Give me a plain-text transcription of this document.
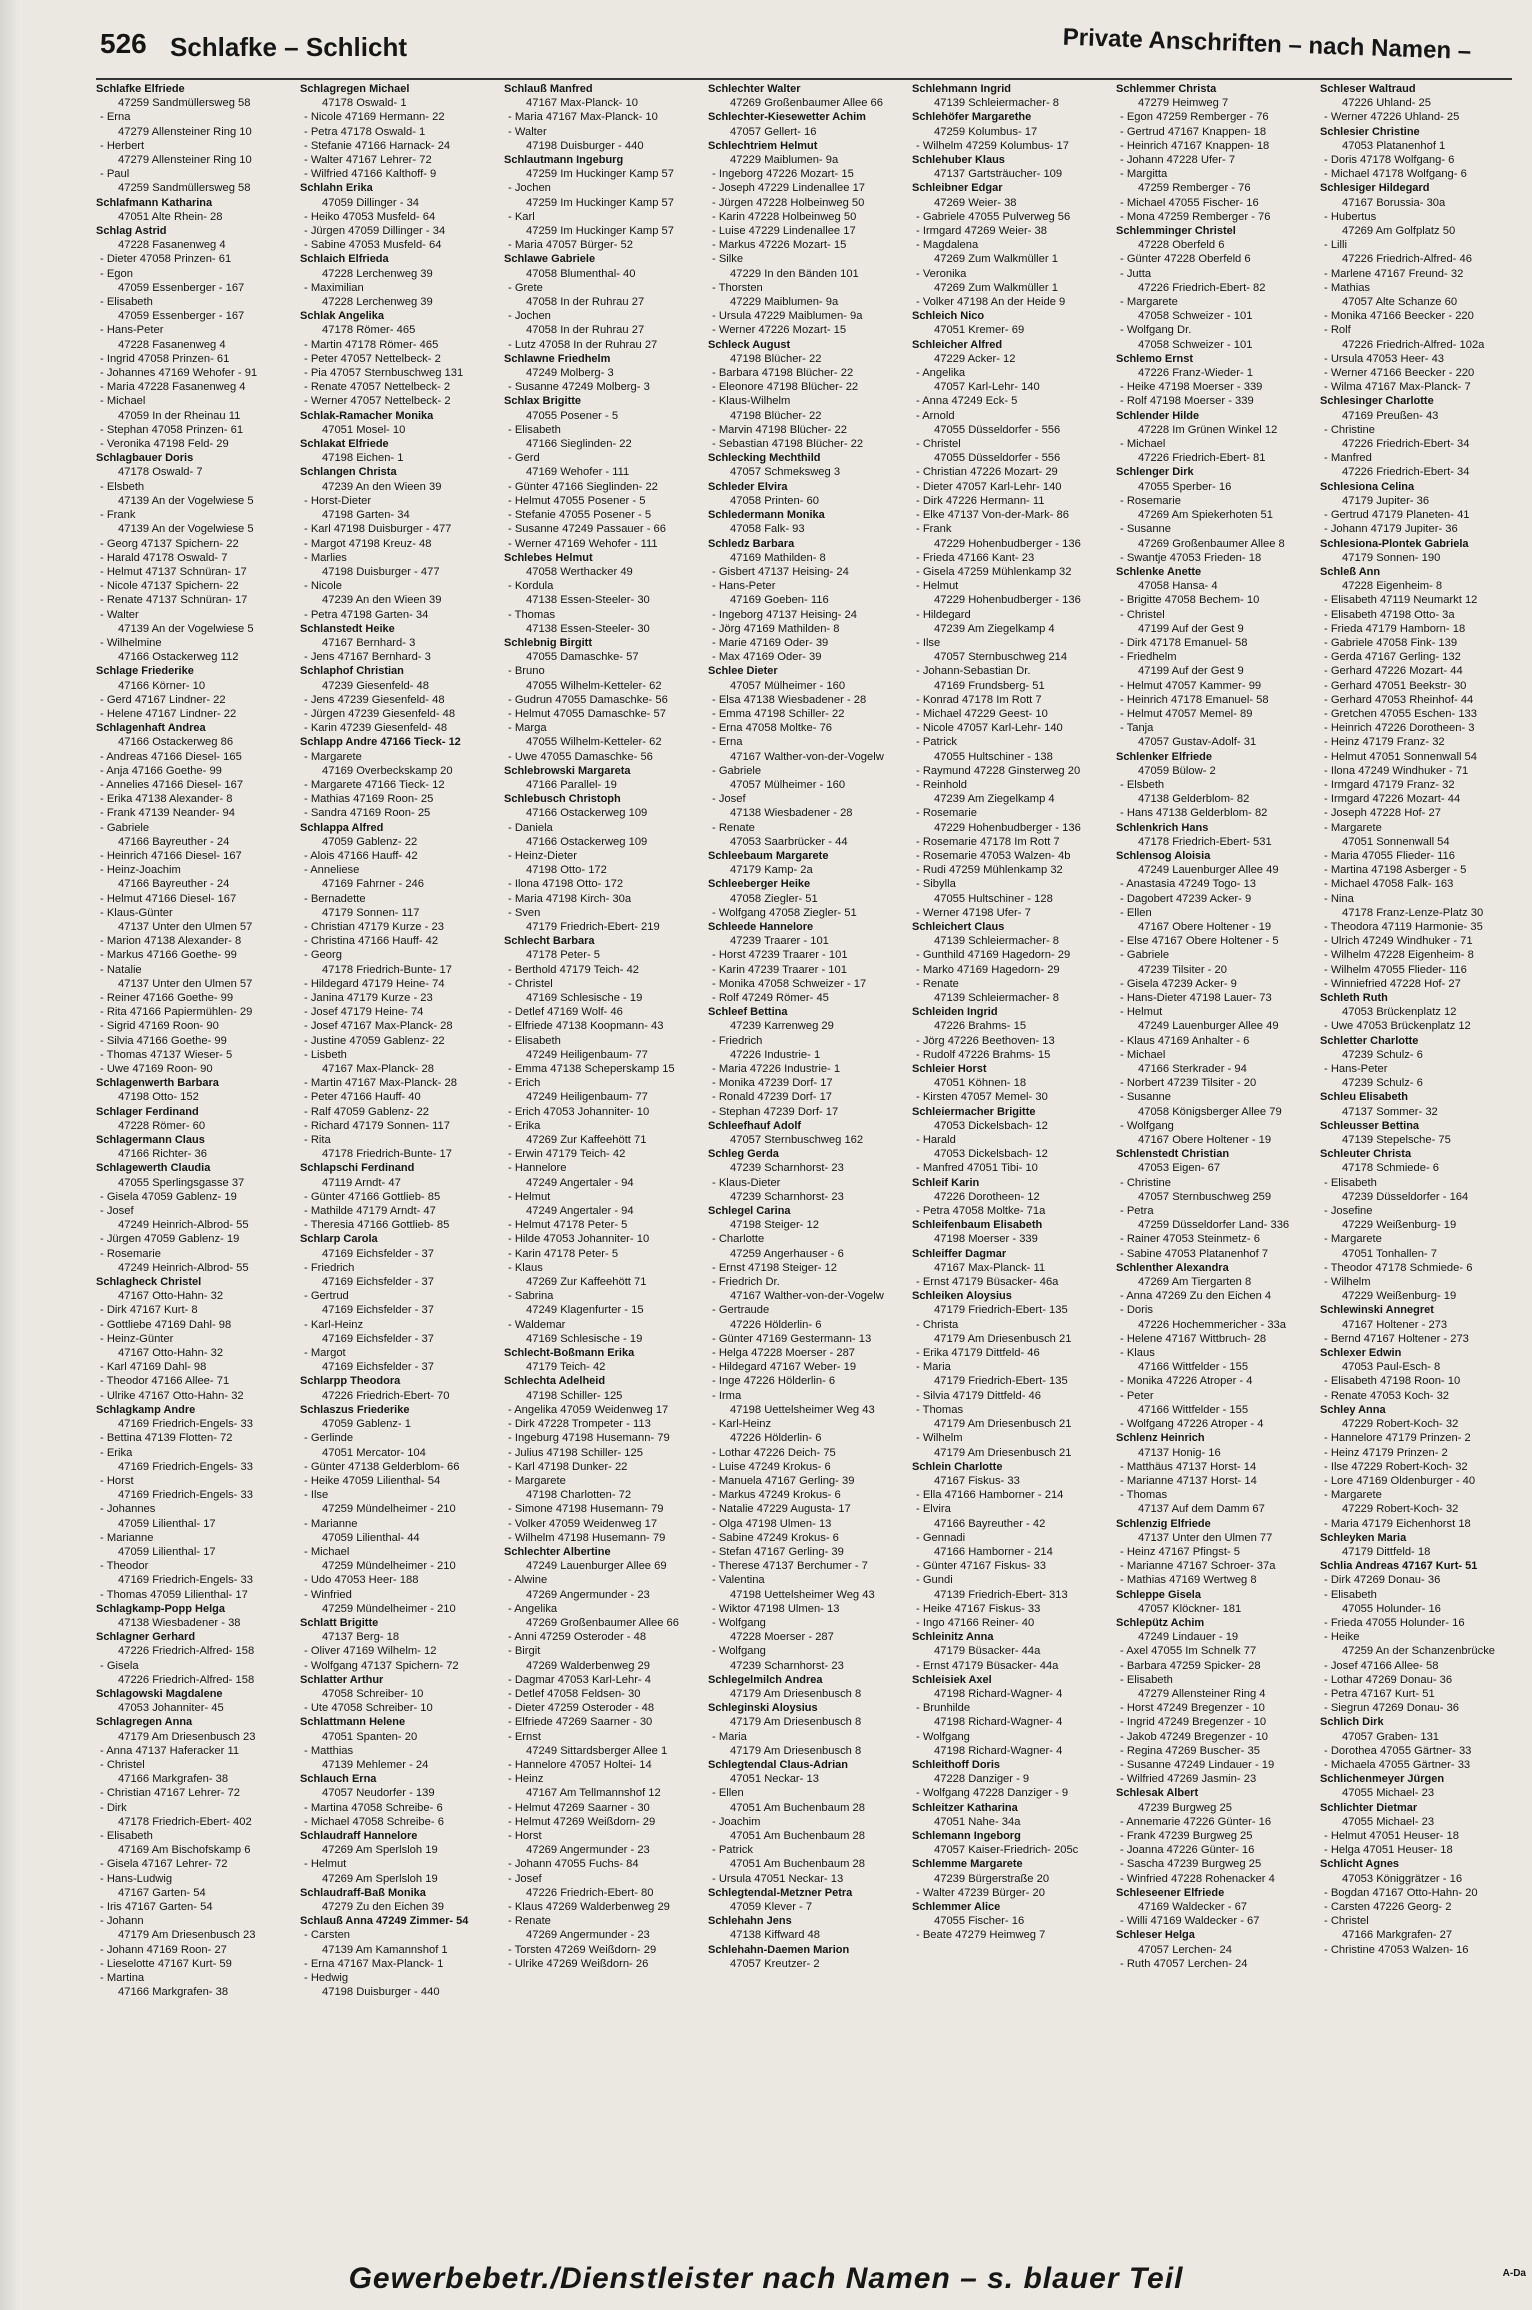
526 Schlafke – Schlicht	Private Anschriften – nach Namen –
Schlafke Elfriede
47259 Sandmüllersweg 58
- Erna
47279 Allensteiner Ring 10
- Herbert
47279 Allensteiner Ring 10
- Paul
47259 Sandmüllersweg 58
Schlafmann Katharina
47051 Alte Rhein- 28
Schlag Astrid
47228 Fasanenweg 4
- Dieter 47058 Prinzen- 61
- Egon
47059 Essenberger - 167
- Elisabeth
47059 Essenberger - 167
- Hans-Peter
47228 Fasanenweg 4
- Ingrid 47058 Prinzen- 61
- Johannes 47169 Wehofer - 91
- Maria 47228 Fasanenweg 4
- Michael
47059 In der Rheinau 11
- Stephan 47058 Prinzen- 61
- Veronika 47198 Feld- 29
Schlagbauer Doris
47178 Oswald- 7
- Elsbeth
47139 An der Vogelwiese 5
- Frank
47139 An der Vogelwiese 5
- Georg 47137 Spichern- 22
- Harald 47178 Oswald- 7
- Helmut 47137 Schnüran- 17
- Nicole 47137 Spichern- 22
- Renate 47137 Schnüran- 17
- Walter
47139 An der Vogelwiese 5
- Wilhelmine
47166 Ostackerweg 112
Schlage Friederike
47166 Körner- 10
- Gerd 47167 Lindner- 22
- Helene 47167 Lindner- 22
Schlagenhaft Andrea
47166 Ostackerweg 86
- Andreas 47166 Diesel- 165
- Anja 47166 Goethe- 99
- Annelies 47166 Diesel- 167
- Erika 47138 Alexander- 8
- Frank 47139 Neander- 94
- Gabriele
47166 Bayreuther - 24
- Heinrich 47166 Diesel- 167
- Heinz-Joachim
47166 Bayreuther - 24
- Helmut 47166 Diesel- 167
- Klaus-Günter
47137 Unter den Ulmen 57
- Marion 47138 Alexander- 8
- Markus 47166 Goethe- 99
- Natalie
47137 Unter den Ulmen 57
- Reiner 47166 Goethe- 99
- Rita 47166 Papiermühlen- 29
- Sigrid 47169 Roon- 90
- Silvia 47166 Goethe- 99
- Thomas 47137 Wieser- 5
- Uwe 47169 Roon- 90
Schlagenwerth Barbara
47198 Otto- 152
Schlager Ferdinand
47228 Römer- 60
Schlagermann Claus
47166 Richter- 36
Schlagewerth Claudia
47055 Sperlingsgasse 37
- Gisela 47059 Gablenz- 19
- Josef
47249 Heinrich-Albrod- 55
- Jürgen 47059 Gablenz- 19
- Rosemarie
47249 Heinrich-Albrod- 55
Schlagheck Christel
47167 Otto-Hahn- 32
- Dirk 47167 Kurt- 8
- Gottliebe 47169 Dahl- 98
- Heinz-Günter
47167 Otto-Hahn- 32
- Karl 47169 Dahl- 98
- Theodor 47166 Allee- 71
- Ulrike 47167 Otto-Hahn- 32
Schlagkamp Andre
47169 Friedrich-Engels- 33
- Bettina 47139 Flotten- 72
- Erika
47169 Friedrich-Engels- 33
- Horst
47169 Friedrich-Engels- 33
- Johannes
47059 Lilienthal- 17
- Marianne
47059 Lilienthal- 17
- Theodor
47169 Friedrich-Engels- 33
- Thomas 47059 Lilienthal- 17
Schlagkamp-Popp Helga
47138 Wiesbadener - 38
Schlagner Gerhard
47226 Friedrich-Alfred- 158
- Gisela
47226 Friedrich-Alfred- 158
Schlagowski Magdalene
47053 Johanniter- 45
Schlagregen Anna
47179 Am Driesenbusch 23
- Anna 47137 Haferacker 11
- Christel
47166 Markgrafen- 38
- Christian 47167 Lehrer- 72
- Dirk
47178 Friedrich-Ebert- 402
- Elisabeth
47169 Am Bischofskamp 6
- Gisela 47167 Lehrer- 72
- Hans-Ludwig
47167 Garten- 54
- Iris 47167 Garten- 54
- Johann
47179 Am Driesenbusch 23
- Johann 47169 Roon- 27
- Lieselotte 47167 Kurt- 59
- Martina
47166 Markgrafen- 38
Schlagregen Michael
47178 Oswald- 1
- Nicole 47169 Hermann- 22
- Petra 47178 Oswald- 1
- Stefanie 47166 Harnack- 24
- Walter 47167 Lehrer- 72
- Wilfried 47166 Kalthoff- 9
Schlahn Erika
47059 Dillinger - 34
- Heiko 47053 Musfeld- 64
- Jürgen 47059 Dillinger - 34
- Sabine 47053 Musfeld- 64
Schlaich Elfrieda
47228 Lerchenweg 39
- Maximilian
47228 Lerchenweg 39
Schlak Angelika
47178 Römer- 465
- Martin 47178 Römer- 465
- Peter 47057 Nettelbeck- 2
- Pia 47057 Sternbuschweg 131
- Renate 47057 Nettelbeck- 2
- Werner 47057 Nettelbeck- 2
Schlak-Ramacher Monika
47051 Mosel- 10
Schlakat Elfriede
47198 Eichen- 1
Schlangen Christa
47239 An den Wieen 39
- Horst-Dieter
47198 Garten- 34
- Karl 47198 Duisburger - 477
- Margot 47198 Kreuz- 48
- Marlies
47198 Duisburger - 477
- Nicole
47239 An den Wieen 39
- Petra 47198 Garten- 34
Schlanstedt Heike
47167 Bernhard- 3
- Jens 47167 Bernhard- 3
Schlaphof Christian
47239 Giesenfeld- 48
- Jens 47239 Giesenfeld- 48
- Jürgen 47239 Giesenfeld- 48
- Karin 47239 Giesenfeld- 48
Schlapp Andre 47166 Tieck- 12
- Margarete
47169 Overbeckskamp 20
- Margarete 47166 Tieck- 12
- Mathias 47169 Roon- 25
- Sandra 47169 Roon- 25
Schlappa Alfred
47059 Gablenz- 22
- Alois 47166 Hauff- 42
- Anneliese
47169 Fahrner - 246
- Bernadette
47179 Sonnen- 117
- Christian 47179 Kurze - 23
- Christina 47166 Hauff- 42
- Georg
47178 Friedrich-Bunte- 17
- Hildegard 47179 Heine- 74
- Janina 47179 Kurze - 23
- Josef 47179 Heine- 74
- Josef 47167 Max-Planck- 28
- Justine 47059 Gablenz- 22
- Lisbeth
47167 Max-Planck- 28
- Martin 47167 Max-Planck- 28
- Peter 47166 Hauff- 40
- Ralf 47059 Gablenz- 22
- Richard 47179 Sonnen- 117
- Rita
47178 Friedrich-Bunte- 17
Schlapschi Ferdinand
47119 Arndt- 47
- Günter 47166 Gottlieb- 85
- Mathilde 47179 Arndt- 47
- Theresia 47166 Gottlieb- 85
Schlarp Carola
47169 Eichsfelder - 37
- Friedrich
47169 Eichsfelder - 37
- Gertrud
47169 Eichsfelder - 37
- Karl-Heinz
47169 Eichsfelder - 37
- Margot
47169 Eichsfelder - 37
Schlarpp Theodora
47226 Friedrich-Ebert- 70
Schlaszus Friederike
47059 Gablenz- 1
- Gerlinde
47051 Mercator- 104
- Günter 47138 Gelderblom- 66
- Heike 47059 Lilienthal- 54
- Ilse
47259 Mündelheimer - 210
- Marianne
47059 Lilienthal- 44
- Michael
47259 Mündelheimer - 210
- Udo 47053 Heer- 188
- Winfried
47259 Mündelheimer - 210
Schlatt Brigitte
47137 Berg- 18
- Oliver 47169 Wilhelm- 12
- Wolfgang 47137 Spichern- 72
Schlatter Arthur
47058 Schreiber- 10
- Ute 47058 Schreiber- 10
Schlattmann Helene
47051 Spanten- 20
- Matthias
47139 Mehlemer - 24
Schlauch Erna
47057 Neudorfer - 139
- Martina 47058 Schreibe- 6
- Michael 47058 Schreibe- 6
Schlaudraff Hannelore
47269 Am Sperlsloh 19
- Helmut
47269 Am Sperlsloh 19
Schlaudraff-Baß Monika
47279 Zu den Eichen 39
Schlauß Anna 47249 Zimmer- 54
- Carsten
47139 Am Kamannshof 1
- Erna 47167 Max-Planck- 1
- Hedwig
47198 Duisburger - 440
Schlauß Manfred
47167 Max-Planck- 10
- Maria 47167 Max-Planck- 10
- Walter
47198 Duisburger - 440
Schlautmann Ingeburg
47259 Im Huckinger Kamp 57
- Jochen
47259 Im Huckinger Kamp 57
- Karl
47259 Im Huckinger Kamp 57
- Maria 47057 Bürger- 52
Schlawe Gabriele
47058 Blumenthal- 40
- Grete
47058 In der Ruhrau 27
- Jochen
47058 In der Ruhrau 27
- Lutz 47058 In der Ruhrau 27
Schlawne Friedhelm
47249 Molberg- 3
- Susanne 47249 Molberg- 3
Schlax Brigitte
47055 Posener - 5
- Elisabeth
47166 Sieglinden- 22
- Gerd
47169 Wehofer - 111
- Günter 47166 Sieglinden- 22
- Helmut 47055 Posener - 5
- Stefanie 47055 Posener - 5
- Susanne 47249 Passauer - 66
- Werner 47169 Wehofer - 111
Schlebes Helmut
47058 Werthacker 49
- Kordula
47138 Essen-Steeler- 30
- Thomas
47138 Essen-Steeler- 30
Schlebnig Birgitt
47055 Damaschke- 57
- Bruno
47055 Wilhelm-Ketteler- 62
- Gudrun 47055 Damaschke- 56
- Helmut 47055 Damaschke- 57
- Marga
47055 Wilhelm-Ketteler- 62
- Uwe 47055 Damaschke- 56
Schlebrowski Margareta
47166 Parallel- 19
Schlebusch Christoph
47166 Ostackerweg 109
- Daniela
47166 Ostackerweg 109
- Heinz-Dieter
47198 Otto- 172
- Ilona 47198 Otto- 172
- Maria 47198 Kirch- 30a
- Sven
47179 Friedrich-Ebert- 219
Schlecht Barbara
47178 Peter- 5
- Berthold 47179 Teich- 42
- Christel
47169 Schlesische - 19
- Detlef 47169 Wolf- 46
- Elfriede 47138 Koopmann- 43
- Elisabeth
47249 Heiligenbaum- 77
- Emma 47138 Scheperskamp 15
- Erich
47249 Heiligenbaum- 77
- Erich 47053 Johanniter- 10
- Erika
47269 Zur Kaffeehött 71
- Erwin 47179 Teich- 42
- Hannelore
47249 Angertaler - 94
- Helmut
47249 Angertaler - 94
- Helmut 47178 Peter- 5
- Hilde 47053 Johanniter- 10
- Karin 47178 Peter- 5
- Klaus
47269 Zur Kaffeehött 71
- Sabrina
47249 Klagenfurter - 15
- Waldemar
47169 Schlesische - 19
Schlecht-Boßmann Erika
47179 Teich- 42
Schlechta Adelheid
47198 Schiller- 125
- Angelika 47059 Weidenweg 17
- Dirk 47228 Trompeter - 113
- Ingeburg 47198 Husemann- 79
- Julius 47198 Schiller- 125
- Karl 47198 Dunker- 22
- Margarete
47198 Charlotten- 72
- Simone 47198 Husemann- 79
- Volker 47059 Weidenweg 17
- Wilhelm 47198 Husemann- 79
Schlechter Albertine
47249 Lauenburger Allee 69
- Alwine
47269 Angermunder - 23
- Angelika
47269 Großenbaumer Allee 66
- Anni 47259 Osteroder - 48
- Birgit
47269 Walderbenweg 29
- Dagmar 47053 Karl-Lehr- 4
- Detlef 47058 Feldsen- 30
- Dieter 47259 Osteroder - 48
- Elfriede 47269 Saarner - 30
- Ernst
47249 Sittardsberger Allee 1
- Hannelore 47057 Holtei- 14
- Heinz
47167 Am Tellmannshof 12
- Helmut 47269 Saarner - 30
- Helmut 47269 Weißdorn- 29
- Horst
47269 Angermunder - 23
- Johann 47055 Fuchs- 84
- Josef
47226 Friedrich-Ebert- 80
- Klaus 47269 Walderbenweg 29
- Renate
47269 Angermunder - 23
- Torsten 47269 Weißdorn- 29
- Ulrike 47269 Weißdorn- 26
Schlechter Walter
47269 Großenbaumer Allee 66
Schlechter-Kiesewetter Achim
47057 Gellert- 16
Schlechtriem Helmut
47229 Maiblumen- 9a
- Ingeborg 47226 Mozart- 15
- Joseph 47229 Lindenallee 17
- Jürgen 47228 Holbeinweg 50
- Karin 47228 Holbeinweg 50
- Luise 47229 Lindenallee 17
- Markus 47226 Mozart- 15
- Silke
47229 In den Bänden 101
- Thorsten
47229 Maiblumen- 9a
- Ursula 47229 Maiblumen- 9a
- Werner 47226 Mozart- 15
Schleck August
47198 Blücher- 22
- Barbara 47198 Blücher- 22
- Eleonore 47198 Blücher- 22
- Klaus-Wilhelm
47198 Blücher- 22
- Marvin 47198 Blücher- 22
- Sebastian 47198 Blücher- 22
Schlecking Mechthild
47057 Schmeksweg 3
Schleder Elvira
47058 Printen- 60
Schledermann Monika
47058 Falk- 93
Schledz Barbara
47169 Mathilden- 8
- Gisbert 47137 Heising- 24
- Hans-Peter
47169 Goeben- 116
- Ingeborg 47137 Heising- 24
- Jörg 47169 Mathilden- 8
- Marie 47169 Oder- 39
- Max 47169 Oder- 39
Schlee Dieter
47057 Mülheimer - 160
- Elsa 47138 Wiesbadener - 28
- Emma 47198 Schiller- 22
- Erna 47058 Moltke- 76
- Erna
47167 Walther-von-der-Vogelw
- Gabriele
47057 Mülheimer - 160
- Josef
47138 Wiesbadener - 28
- Renate
47053 Saarbrücker - 44
Schleebaum Margarete
47179 Kamp- 2a
Schleeberger Heike
47058 Ziegler- 51
- Wolfgang 47058 Ziegler- 51
Schleede Hannelore
47239 Traarer - 101
- Horst 47239 Traarer - 101
- Karin 47239 Traarer - 101
- Monika 47058 Schweizer - 17
- Rolf 47249 Römer- 45
Schleef Bettina
47239 Karrenweg 29
- Friedrich
47226 Industrie- 1
- Maria 47226 Industrie- 1
- Monika 47239 Dorf- 17
- Ronald 47239 Dorf- 17
- Stephan 47239 Dorf- 17
Schleefhauf Adolf
47057 Sternbuschweg 162
Schleg Gerda
47239 Scharnhorst- 23
- Klaus-Dieter
47239 Scharnhorst- 23
Schlegel Carina
47198 Steiger- 12
- Charlotte
47259 Angerhauser - 6
- Ernst 47198 Steiger- 12
- Friedrich Dr.
47167 Walther-von-der-Vogelw
- Gertraude
47226 Hölderlin- 6
- Günter 47169 Gestermann- 13
- Helga 47228 Moerser - 287
- Hildegard 47167 Weber- 19
- Inge 47226 Hölderlin- 6
- Irma
47198 Uettelsheimer Weg 43
- Karl-Heinz
47226 Hölderlin- 6
- Lothar 47226 Deich- 75
- Luise 47249 Krokus- 6
- Manuela 47167 Gerling- 39
- Markus 47249 Krokus- 6
- Natalie 47229 Augusta- 17
- Olga 47198 Ulmen- 13
- Sabine 47249 Krokus- 6
- Stefan 47167 Gerling- 39
- Therese 47137 Berchumer - 7
- Valentina
47198 Uettelsheimer Weg 43
- Wiktor 47198 Ulmen- 13
- Wolfgang
47228 Moerser - 287
- Wolfgang
47239 Scharnhorst- 23
Schlegelmilch Andrea
47179 Am Driesenbusch 8
Schleginski Aloysius
47179 Am Driesenbusch 8
- Maria
47179 Am Driesenbusch 8
Schlegtendal Claus-Adrian
47051 Neckar- 13
- Ellen
47051 Am Buchenbaum 28
- Joachim
47051 Am Buchenbaum 28
- Patrick
47051 Am Buchenbaum 28
- Ursula 47051 Neckar- 13
Schlegtendal-Metzner Petra
47059 Klever - 7
Schlehahn Jens
47138 Kiffward 48
Schlehahn-Daemen Marion
47057 Kreutzer- 2
Schlehmann Ingrid
47139 Schleiermacher- 8
Schlehöfer Margarethe
47259 Kolumbus- 17
- Wilhelm 47259 Kolumbus- 17
Schlehuber Klaus
47137 Gartsträucher- 109
Schleibner Edgar
47269 Weier- 38
- Gabriele 47055 Pulverweg 56
- Irmgard 47269 Weier- 38
- Magdalena
47269 Zum Walkmüller 1
- Veronika
47269 Zum Walkmüller 1
- Volker 47198 An der Heide 9
Schleich Nico
47051 Kremer- 69
Schleicher Alfred
47229 Acker- 12
- Angelika
47057 Karl-Lehr- 140
- Anna 47249 Eck- 5
- Arnold
47055 Düsseldorfer - 556
- Christel
47055 Düsseldorfer - 556
- Christian 47226 Mozart- 29
- Dieter 47057 Karl-Lehr- 140
- Dirk 47226 Hermann- 11
- Elke 47137 Von-der-Mark- 86
- Frank
47229 Hohenbudberger - 136
- Frieda 47166 Kant- 23
- Gisela 47259 Mühlenkamp 32
- Helmut
47229 Hohenbudberger - 136
- Hildegard
47239 Am Ziegelkamp 4
- Ilse
47057 Sternbuschweg 214
- Johann-Sebastian Dr.
47169 Frundsberg- 51
- Konrad 47178 Im Rott 7
- Michael 47229 Geest- 10
- Nicole 47057 Karl-Lehr- 140
- Patrick
47055 Hultschiner - 138
- Raymund 47228 Ginsterweg 20
- Reinhold
47239 Am Ziegelkamp 4
- Rosemarie
47229 Hohenbudberger - 136
- Rosemarie 47178 Im Rott 7
- Rosemarie 47053 Walzen- 4b
- Rudi 47259 Mühlenkamp 32
- Sibylla
47055 Hultschiner - 128
- Werner 47198 Ufer- 7
Schleichert Claus
47139 Schleiermacher- 8
- Gunthild 47169 Hagedorn- 29
- Marko 47169 Hagedorn- 29
- Renate
47139 Schleiermacher- 8
Schleiden Ingrid
47226 Brahms- 15
- Jörg 47226 Beethoven- 13
- Rudolf 47226 Brahms- 15
Schleier Horst
47051 Köhnen- 18
- Kirsten 47057 Memel- 30
Schleiermacher Brigitte
47053 Dickelsbach- 12
- Harald
47053 Dickelsbach- 12
- Manfred 47051 Tibi- 10
Schleif Karin
47226 Dorotheen- 12
- Petra 47058 Moltke- 71a
Schleifenbaum Elisabeth
47198 Moerser - 339
Schleiffer Dagmar
47167 Max-Planck- 11
- Ernst 47179 Büsacker- 46a
Schleiken Aloysius
47179 Friedrich-Ebert- 135
- Christa
47179 Am Driesenbusch 21
- Erika 47179 Dittfeld- 46
- Maria
47179 Friedrich-Ebert- 135
- Silvia 47179 Dittfeld- 46
- Thomas
47179 Am Driesenbusch 21
- Wilhelm
47179 Am Driesenbusch 21
Schlein Charlotte
47167 Fiskus- 33
- Ella 47166 Hamborner - 214
- Elvira
47166 Bayreuther - 42
- Gennadi
47166 Hamborner - 214
- Günter 47167 Fiskus- 33
- Gundi
47139 Friedrich-Ebert- 313
- Heike 47167 Fiskus- 33
- Ingo 47166 Reiner- 40
Schleinitz Anna
47179 Büsacker- 44a
- Ernst 47179 Büsacker- 44a
Schleisiek Axel
47198 Richard-Wagner- 4
- Brunhilde
47198 Richard-Wagner- 4
- Wolfgang
47198 Richard-Wagner- 4
Schleithoff Doris
47228 Danziger - 9
- Wolfgang 47228 Danziger - 9
Schleitzer Katharina
47051 Nahe- 34a
Schlemann Ingeborg
47057 Kaiser-Friedrich- 205c
Schlemme Margarete
47239 Bürgerstraße 20
- Walter 47239 Bürger- 20
Schlemmer Alice
47055 Fischer- 16
- Beate 47279 Heimweg 7
Schlemmer Christa
47279 Heimweg 7
- Egon 47259 Remberger - 76
- Gertrud 47167 Knappen- 18
- Heinrich 47167 Knappen- 18
- Johann 47228 Ufer- 7
- Margitta
47259 Remberger - 76
- Michael 47055 Fischer- 16
- Mona 47259 Remberger - 76
Schlemminger Christel
47228 Oberfeld 6
- Günter 47228 Oberfeld 6
- Jutta
47226 Friedrich-Ebert- 82
- Margarete
47058 Schweizer - 101
- Wolfgang Dr.
47058 Schweizer - 101
Schlemo Ernst
47226 Franz-Wieder- 1
- Heike 47198 Moerser - 339
- Rolf 47198 Moerser - 339
Schlender Hilde
47228 Im Grünen Winkel 12
- Michael
47226 Friedrich-Ebert- 81
Schlenger Dirk
47055 Sperber- 16
- Rosemarie
47269 Am Spiekerhoten 51
- Susanne
47269 Großenbaumer Allee 8
- Swantje 47053 Frieden- 18
Schlenke Anette
47058 Hansa- 4
- Brigitte 47058 Bechem- 10
- Christel
47199 Auf der Gest 9
- Dirk 47178 Emanuel- 58
- Friedhelm
47199 Auf der Gest 9
- Helmut 47057 Kammer- 99
- Heinrich 47178 Emanuel- 58
- Helmut 47057 Memel- 89
- Tanja
47057 Gustav-Adolf- 31
Schlenker Elfriede
47059 Bülow- 2
- Elsbeth
47138 Gelderblom- 82
- Hans 47138 Gelderblom- 82
Schlenkrich Hans
47178 Friedrich-Ebert- 531
Schlensog Aloisia
47249 Lauenburger Allee 49
- Anastasia 47249 Togo- 13
- Dagobert 47239 Acker- 9
- Ellen
47167 Obere Holtener - 19
- Else 47167 Obere Holtener - 5
- Gabriele
47239 Tilsiter - 20
- Gisela 47239 Acker- 9
- Hans-Dieter 47198 Lauer- 73
- Helmut
47249 Lauenburger Allee 49
- Klaus 47169 Anhalter - 6
- Michael
47166 Sterkrader - 94
- Norbert 47239 Tilsiter - 20
- Susanne
47058 Königsberger Allee 79
- Wolfgang
47167 Obere Holtener - 19
Schlenstedt Christian
47053 Eigen- 67
- Christine
47057 Sternbuschweg 259
- Petra
47259 Düsseldorfer Land- 336
- Rainer 47053 Steinmetz- 6
- Sabine 47053 Platanenhof 7
Schlenther Alexandra
47269 Am Tiergarten 8
- Anna 47269 Zu den Eichen 4
- Doris
47226 Hochemmericher - 33a
- Helene 47167 Wittbruch- 28
- Klaus
47166 Wittfelder - 155
- Monika 47226 Atroper - 4
- Peter
47166 Wittfelder - 155
- Wolfgang 47226 Atroper - 4
Schlenz Heinrich
47137 Honig- 16
- Matthäus 47137 Horst- 14
- Marianne 47137 Horst- 14
- Thomas
47137 Auf dem Damm 67
Schlenzig Elfriede
47137 Unter den Ulmen 77
- Heinz 47167 Pfingst- 5
- Marianne 47167 Schroer- 37a
- Mathias 47169 Wertweg 8
Schleppe Gisela
47057 Klöckner- 181
Schlepütz Achim
47249 Lindauer - 19
- Axel 47055 Im Schnelk 77
- Barbara 47259 Spicker- 28
- Elisabeth
47279 Allensteiner Ring 4
- Horst 47249 Bregenzer - 10
- Ingrid 47249 Bregenzer - 10
- Jakob 47249 Bregenzer - 10
- Regina 47269 Buscher- 35
- Susanne 47249 Lindauer - 19
- Wilfried 47269 Jasmin- 23
Schlesak Albert
47239 Burgweg 25
- Annemarie 47226 Günter- 16
- Frank 47239 Burgweg 25
- Joanna 47226 Günter- 16
- Sascha 47239 Burgweg 25
- Winfried 47228 Rohenacker 4
Schleseener Elfriede
47169 Waldecker - 67
- Willi 47169 Waldecker - 67
Schleser Helga
47057 Lerchen- 24
- Ruth 47057 Lerchen- 24
Schleser Waltraud
47226 Uhland- 25
- Werner 47226 Uhland- 25
Schlesier Christine
47053 Platanenhof 1
- Doris 47178 Wolfgang- 6
- Michael 47178 Wolfgang- 6
Schlesiger Hildegard
47167 Borussia- 30a
- Hubertus
47269 Am Golfplatz 50
- Lilli
47226 Friedrich-Alfred- 46
- Marlene 47167 Freund- 32
- Mathias
47057 Alte Schanze 60
- Monika 47166 Beecker - 220
- Rolf
47226 Friedrich-Alfred- 102a
- Ursula 47053 Heer- 43
- Werner 47166 Beecker - 220
- Wilma 47167 Max-Planck- 7
Schlesinger Charlotte
47169 Preußen- 43
- Christine
47226 Friedrich-Ebert- 34
- Manfred
47226 Friedrich-Ebert- 34
Schlesiona Celina
47179 Jupiter- 36
- Gertrud 47179 Planeten- 41
- Johann 47179 Jupiter- 36
Schlesiona-Plontek Gabriela
47179 Sonnen- 190
Schleß Ann
47228 Eigenheim- 8
- Elisabeth 47119 Neumarkt 12
- Elisabeth 47198 Otto- 3a
- Frieda 47179 Hamborn- 18
- Gabriele 47058 Fink- 139
- Gerda 47167 Gerling- 132
- Gerhard 47226 Mozart- 44
- Gerhard 47051 Beekstr- 30
- Gerhard 47053 Rheinhof- 44
- Gretchen 47055 Eschen- 133
- Heinrich 47226 Dorotheen- 3
- Heinz 47179 Franz- 32
- Helmut 47051 Sonnenwall 54
- Ilona 47249 Windhuker - 71
- Irmgard 47179 Franz- 32
- Irmgard 47226 Mozart- 44
- Joseph 47228 Hof- 27
- Margarete
47051 Sonnenwall 54
- Maria 47055 Flieder- 116
- Martina 47198 Asberger - 5
- Michael 47058 Falk- 163
- Nina
47178 Franz-Lenze-Platz 30
- Theodora 47119 Harmonie- 35
- Ulrich 47249 Windhuker - 71
- Wilhelm 47228 Eigenheim- 8
- Wilhelm 47055 Flieder- 116
- Winniefried 47228 Hof- 27
Schleth Ruth
47053 Brückenplatz 12
- Uwe 47053 Brückenplatz 12
Schletter Charlotte
47239 Schulz- 6
- Hans-Peter
47239 Schulz- 6
Schleu Elisabeth
47137 Sommer- 32
Schleusser Bettina
47139 Stepelsche- 75
Schleuter Christa
47178 Schmiede- 6
- Elisabeth
47239 Düsseldorfer - 164
- Josefine
47229 Weißenburg- 19
- Margarete
47051 Tonhallen- 7
- Theodor 47178 Schmiede- 6
- Wilhelm
47229 Weißenburg- 19
Schlewinski Annegret
47167 Holtener - 273
- Bernd 47167 Holtener - 273
Schlexer Edwin
47053 Paul-Esch- 8
- Elisabeth 47198 Roon- 10
- Renate 47053 Koch- 32
Schley Anna
47229 Robert-Koch- 32
- Hannelore 47179 Prinzen- 2
- Heinz 47179 Prinzen- 2
- Ilse 47229 Robert-Koch- 32
- Lore 47169 Oldenburger - 40
- Margarete
47229 Robert-Koch- 32
- Maria 47179 Eichenhorst 18
Schleyken Maria
47179 Dittfeld- 18
Schlia Andreas 47167 Kurt- 51
- Dirk 47269 Donau- 36
- Elisabeth
47055 Holunder- 16
- Frieda 47055 Holunder- 16
- Heike
47259 An der Schanzenbrücke
- Josef 47166 Allee- 58
- Lothar 47269 Donau- 36
- Petra 47167 Kurt- 51
- Siegrun 47269 Donau- 36
Schlich Dirk
47057 Graben- 131
- Dorothea 47055 Gärtner- 33
- Michaela 47055 Gärtner- 33
Schlichenmeyer Jürgen
47055 Michael- 23
Schlichter Dietmar
47055 Michael- 23
- Helmut 47051 Heuser- 18
- Helga 47051 Heuser- 18
Schlicht Agnes
47053 Königgrätzer - 16
- Bogdan 47167 Otto-Hahn- 20
- Carsten 47226 Georg- 2
- Christel
47166 Markgrafen- 27
- Christine 47053 Walzen- 16
Gewerbebetr./Dienstleister nach Namen – s. blauer Teil	A-Da
